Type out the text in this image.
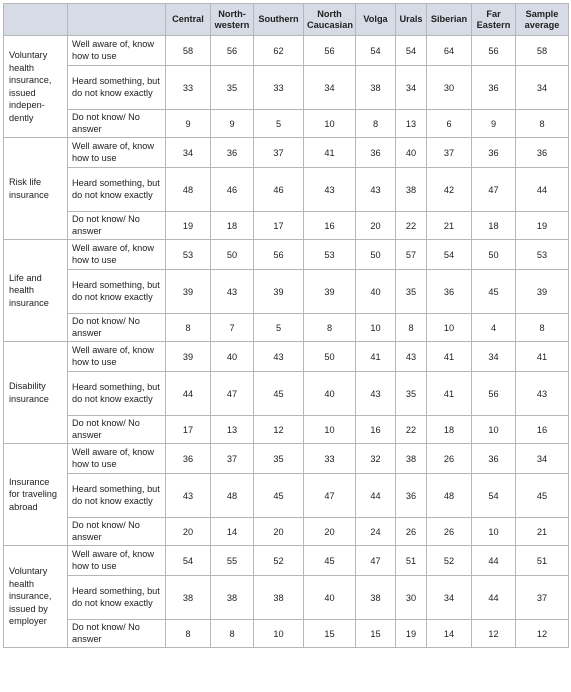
		Central	North-western	Southern	North Caucasian	Volga	Urals	Siberian	Far Eastern	Sample average
Voluntary health insurance, issued indepen-dently	Well aware of, know how to use	58	56	62	56	54	54	64	56	58
	Heard something, but do not know exactly	33	35	33	34	38	34	30	36	34
	Do not know/ No answer	9	9	5	10	8	13	6	9	8
Risk life insurance	Well aware of, know how to use	34	36	37	41	36	40	37	36	36
	Heard something, but do not know exactly	48	46	46	43	43	38	42	47	44
	Do not know/ No answer	19	18	17	16	20	22	21	18	19
Life and health insurance	Well aware of, know how to use	53	50	56	53	50	57	54	50	53
	Heard something, but do not know exactly	39	43	39	39	40	35	36	45	39
	Do not know/ No answer	8	7	5	8	10	8	10	4	8
Disability insurance	Well aware of, know how to use	39	40	43	50	41	43	41	34	41
	Heard something, but do not know exactly	44	47	45	40	43	35	41	56	43
	Do not know/ No answer	17	13	12	10	16	22	18	10	16
Insurance for traveling abroad	Well aware of, know how to use	36	37	35	33	32	38	26	36	34
	Heard something, but do not know exactly	43	48	45	47	44	36	48	54	45
	Do not know/ No answer	20	14	20	20	24	26	26	10	21
Voluntary health insurance, issued by employer	Well aware of, know how to use	54	55	52	45	47	51	52	44	51
	Heard something, but do not know exactly	38	38	38	40	38	30	34	44	37
	Do not know/ No answer	8	8	10	15	15	19	14	12	12
